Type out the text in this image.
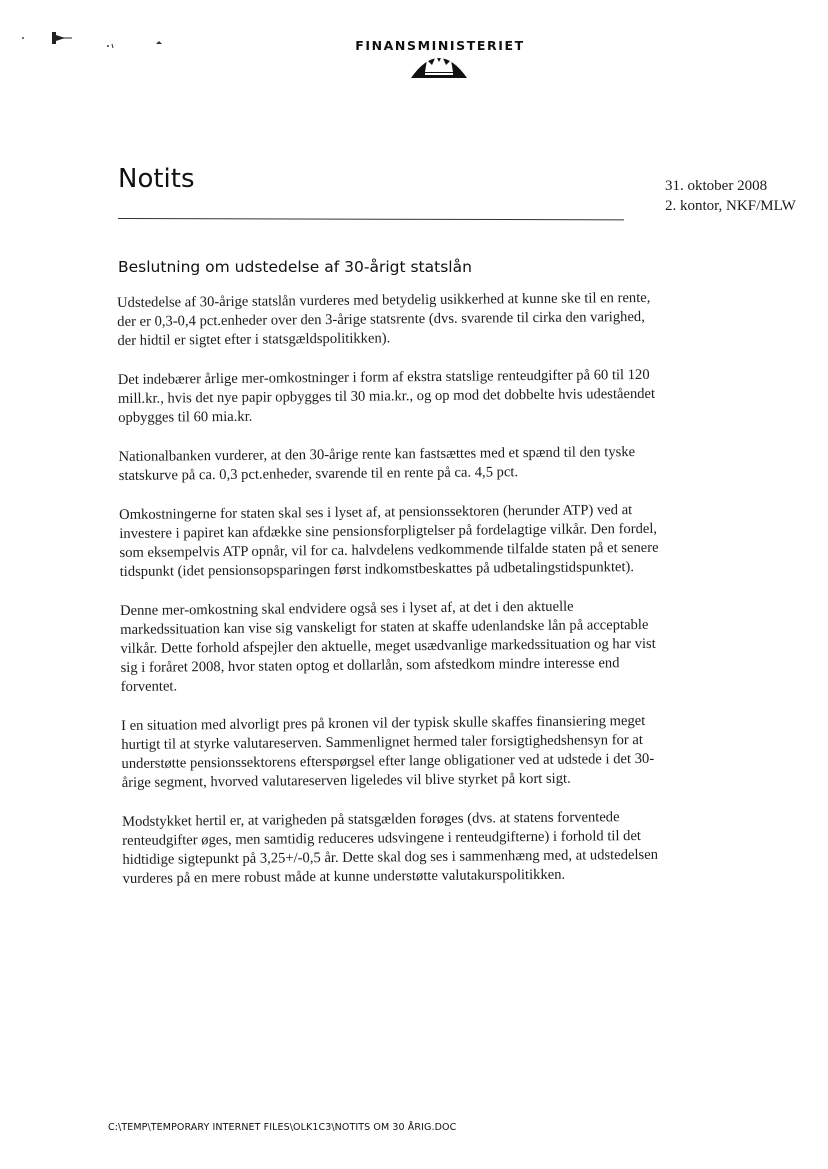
FINANSMINISTERIET
Notits	31. oktober 2008
2. kontor, NKF/MLW
Beslutning om udstedelse af 30-årigt statslån

Udstedelse af 30-årige statslån vurderes med betydelig usikkerhed at kunne ske til en rente, der er 0,3-0,4 pct.enheder over den 3-årige statsrente (dvs. svarende til cirka den varighed, der hidtil er sigtet efter i statsgældspolitikken).

Det indebærer årlige mer-omkostninger i form af ekstra statslige renteudgifter på 60 til 120 mill.kr., hvis det nye papir opbygges til 30 mia.kr., og op mod det dobbelte hvis udeståendet opbygges til 60 mia.kr.

Nationalbanken vurderer, at den 30-årige rente kan fastsættes med et spænd til den tyske statskurve på ca. 0,3 pct.enheder, svarende til en rente på ca. 4,5 pct.

Omkostningerne for staten skal ses i lyset af, at pensionssektoren (herunder ATP) ved at investere i papiret kan afdække sine pensionsforpligtelser på fordelagtige vilkår. Den fordel, som eksempelvis ATP opnår, vil for ca. halvdelens vedkommende tilfalde staten på et senere tidspunkt (idet pensionsopsparingen først indkomstbeskattes på udbetalingstidspunktet).

Denne mer-omkostning skal endvidere også ses i lyset af, at det i den aktuelle markedssituation kan vise sig vanskeligt for staten at skaffe udenlandske lån på acceptable vilkår. Dette forhold afspejler den aktuelle, meget usædvanlige markedssituation og har vist sig i foråret 2008, hvor staten optog et dollarlån, som afstedkom mindre interesse end forventet.

I en situation med alvorligt pres på kronen vil der typisk skulle skaffes finansiering meget hurtigt til at styrke valutareserven. Sammenlignet hermed taler forsigtighedshensyn for at understøtte pensionssektorens efterspørgsel efter lange obligationer ved at udstede i det 30-årige segment, hvorved valutareserven ligeledes vil blive styrket på kort sigt.

Modstykket hertil er, at varigheden på statsgælden forøges (dvs. at statens forventede renteudgifter øges, men samtidig reduceres udsvingene i renteudgifterne) i forhold til det hidtidige sigtepunkt på 3,25+/-0,5 år. Dette skal dog ses i sammenhæng med, at udstedelsen vurderes på en mere robust måde at kunne understøtte valutakurspolitikken.

C:\TEMP\TEMPORARY INTERNET FILES\OLK1C3\NOTITS OM 30 ÅRIG.DOC
